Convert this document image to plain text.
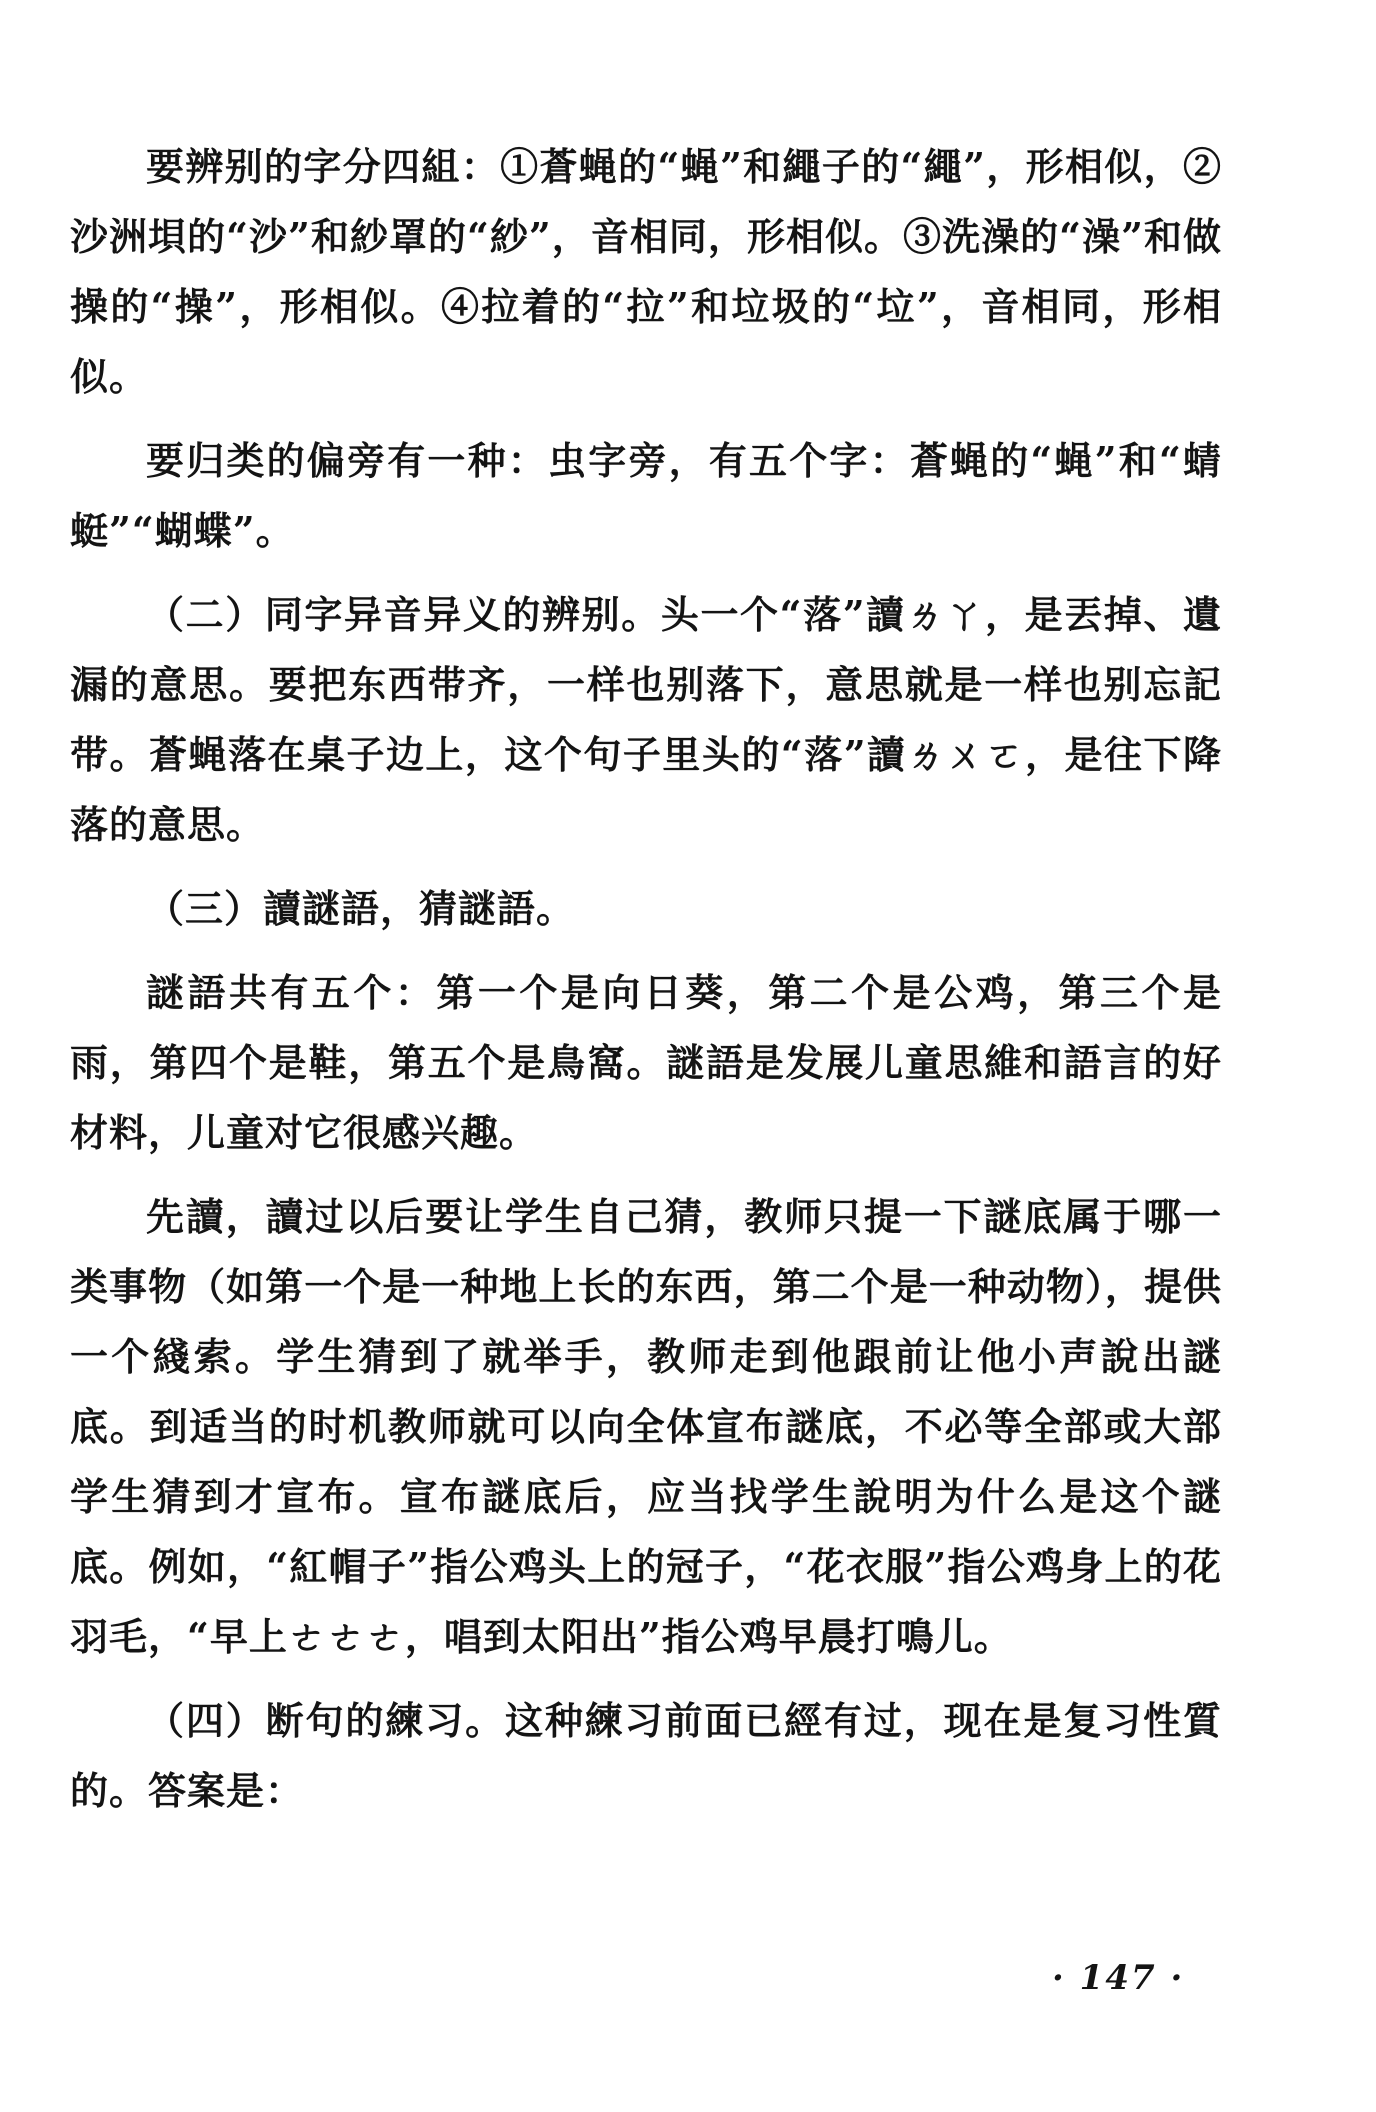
要辨别的字分四組：①蒼蝇的“蝇”和繩子的“繩”，形相似，②沙洲垻的“沙”和紗罩的“紗”，音相同，形相似。③洗澡的“澡”和做操的“操”，形相似。④拉着的“拉”和垃圾的“垃”，音相同，形相似。

要归类的偏旁有一种：虫字旁，有五个字：蒼蝇的“蝇”和“蜻蜓”“蝴蝶”。

（二）同字异音异义的辨别。头一个“落”讀ㄌㄚ，是丟掉、遺漏的意思。要把东西带齐，一样也别落下，意思就是一样也别忘記带。蒼蝇落在桌子边上，这个句子里头的“落”讀ㄌㄨㄛ，是往下降落的意思。

（三）讀謎語，猜謎語。

謎語共有五个：第一个是向日葵，第二个是公鸡，第三个是雨，第四个是鞋，第五个是鳥窩。謎語是发展儿童思維和語言的好材料，儿童对它很感兴趣。

先讀，讀过以后要让学生自己猜，教师只提一下謎底属于哪一类事物（如第一个是一种地上长的东西，第二个是一种动物），提供一个綫索。学生猜到了就举手，教师走到他跟前让他小声說出謎底。到适当的时机教师就可以向全体宣布謎底，不必等全部或大部学生猜到才宣布。宣布謎底后，应当找学生說明为什么是这个謎底。例如，“紅帽子”指公鸡头上的冠子，“花衣服”指公鸡身上的花羽毛，“早上ㄜㄜㄜ，唱到太阳出”指公鸡早晨打鳴儿。

（四）断句的練习。这种練习前面已經有过，现在是复习性質的。答案是：

· 147 ·
